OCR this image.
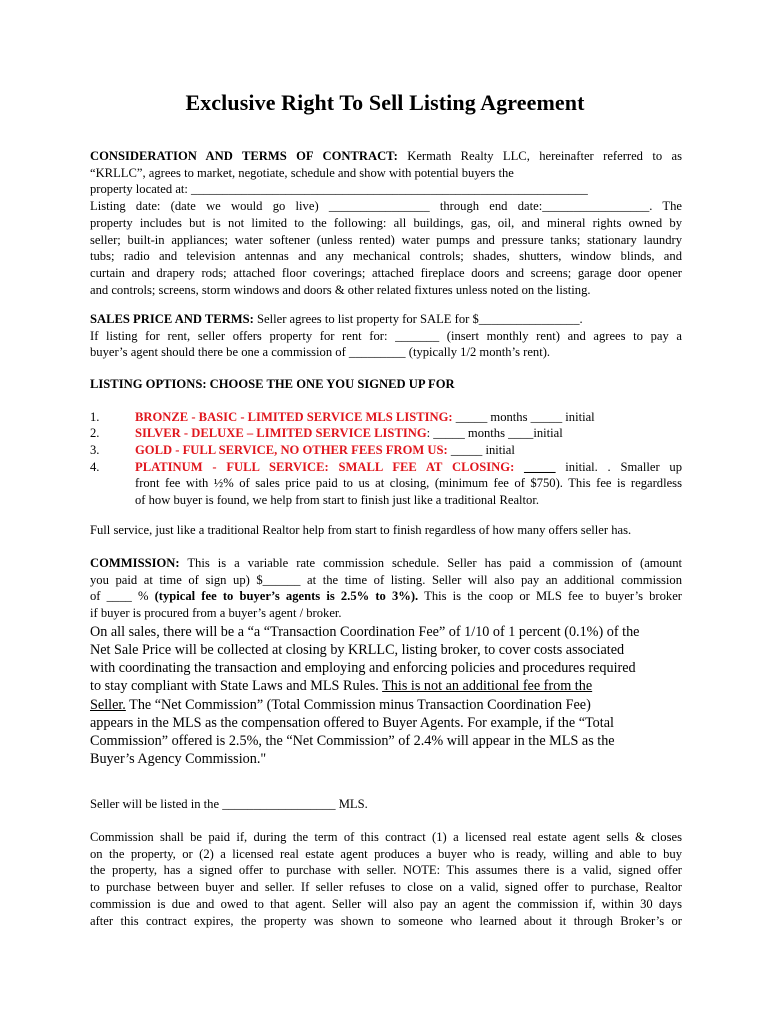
Exclusive Right To Sell Listing Agreement
CONSIDERATION AND TERMS OF CONTRACT: Kermath Realty LLC, hereinafter referred to as
“KRLLC”, agrees to market, negotiate, schedule and show with potential buyers the
property located at: _______________________________________________________________
Listing date: (date we would go live) ________________ through end date:_________________. The
property includes but is not limited to the following: all buildings, gas, oil, and mineral rights owned by
seller; built-in appliances; water softener (unless rented) water pumps and pressure tanks; stationary laundry
tubs; radio and television antennas and any mechanical controls; shades, shutters, window blinds, and
curtain and drapery rods; attached floor coverings; attached fireplace doors and screens; garage door opener
and controls; screens, storm windows and doors & other related fixtures unless noted on the listing.
SALES PRICE AND TERMS: Seller agrees to list property for SALE for $________________.
If listing for rent, seller offers property for rent for: _______ (insert monthly rent) and agrees to pay a
buyer’s agent should there be one a commission of _________ (typically 1/2 month’s rent).
LISTING OPTIONS: CHOOSE THE ONE YOU SIGNED UP FOR
1.	BRONZE - BASIC - LIMITED SERVICE MLS LISTING: _____ months _____ initial
2.	SILVER - DELUXE – LIMITED SERVICE LISTING: _____ months ____initial
3.	GOLD - FULL SERVICE, NO OTHER FEES FROM US: _____ initial
4.	PLATINUM - FULL SERVICE: SMALL FEE AT CLOSING: _____ initial. . Smaller up
front fee with ½% of sales price paid to us at closing, (minimum fee of $750). This fee is regardless
of how buyer is found, we help from start to finish just like a traditional Realtor.
Full service, just like a traditional Realtor help from start to finish regardless of how many offers seller has.
COMMISSION: This is a variable rate commission schedule. Seller has paid a commission of (amount
you paid at time of sign up) $______ at the time of listing. Seller will also pay an additional commission
of ____ % (typical fee to buyer’s agents is 2.5% to 3%). This is the coop or MLS fee to buyer’s broker
if buyer is procured from a buyer’s agent / broker.
On all sales, there will be a “a “Transaction Coordination Fee” of 1/10 of 1 percent (0.1%) of the
Net Sale Price will be collected at closing by KRLLC, listing broker, to cover costs associated
with coordinating the transaction and employing and enforcing policies and procedures required
to stay compliant with State Laws and MLS Rules. This is not an additional fee from the
Seller. The “Net Commission” (Total Commission minus Transaction Coordination Fee)
appears in the MLS as the compensation offered to Buyer Agents. For example, if the “Total
Commission” offered is 2.5%, the “Net Commission” of 2.4% will appear in the MLS as the
Buyer’s Agency Commission."
Seller will be listed in the __________________ MLS.
Commission shall be paid if, during the term of this contract (1) a licensed real estate agent sells & closes
on the property, or (2) a licensed real estate agent produces a buyer who is ready, willing and able to buy
the property, has a signed offer to purchase with seller. NOTE: This assumes there is a valid, signed offer
to purchase between buyer and seller. If seller refuses to close on a valid, signed offer to purchase, Realtor
commission is due and owed to that agent. Seller will also pay an agent the commission if, within 30 days
after this contract expires, the property was shown to someone who learned about it through Broker’s or
